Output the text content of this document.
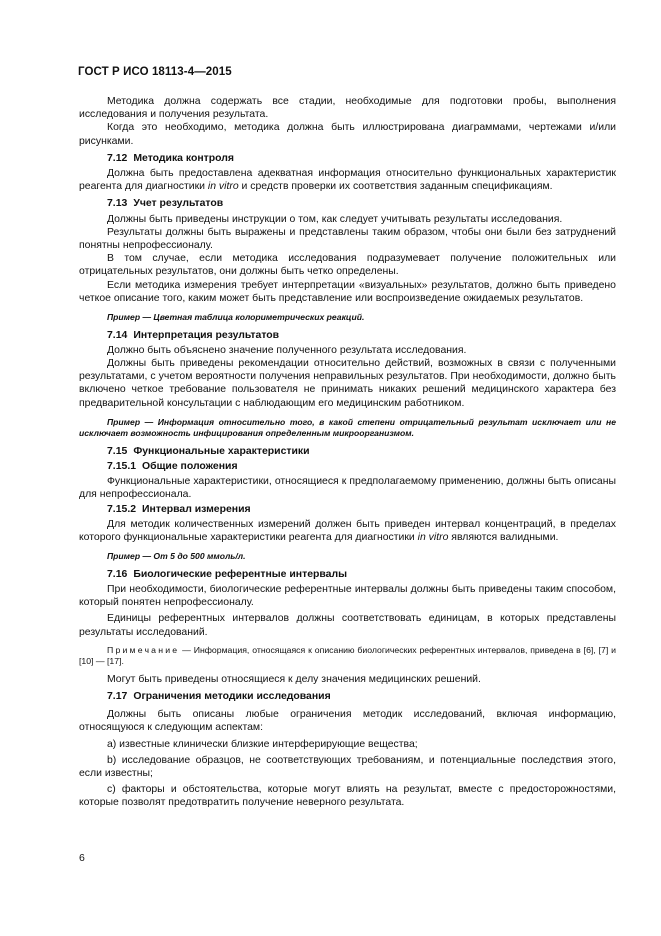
ГОСТ Р ИСО 18113-4—2015

Методика должна содержать все стадии, необходимые для подготовки пробы, выполнения исследования и получения результата.

Когда это необходимо, методика должна быть иллюстрирована диаграммами, чертежами и/или рисунками.

7.12 Методика контроля

Должна быть предоставлена адекватная информация относительно функциональных характеристик реагента для диагностики in vitro и средств проверки их соответствия заданным спецификациям.

7.13 Учет результатов

Должны быть приведены инструкции о том, как следует учитывать результаты исследования.

Результаты должны быть выражены и представлены таким образом, чтобы они были без затруднений понятны непрофессионалу.

В том случае, если методика исследования подразумевает получение положительных или отрицательных результатов, они должны быть четко определены.

Если методика измерения требует интерпретации «визуальных» результатов, должно быть приведено четкое описание того, каким может быть представление или воспроизведение ожидаемых результатов.

Пример — Цветная таблица колориметрических реакций.

7.14 Интерпретация результатов

Должно быть объяснено значение полученного результата исследования.

Должны быть приведены рекомендации относительно действий, возможных в связи с полученными результатами, с учетом вероятности получения неправильных результатов. При необходимости, должно быть включено четкое требование пользователя не принимать никаких решений медицинского характера без предварительной консультации с наблюдающим его медицинским работником.

Пример — Информация относительно того, в какой степени отрицательный результат исключает или не исключает возможность инфицирования определенным микроорганизмом.

7.15 Функциональные характеристики
7.15.1 Общие положения

Функциональные характеристики, относящиеся к предполагаемому применению, должны быть описаны для непрофессионала.

7.15.2 Интервал измерения

Для методик количественных измерений должен быть приведен интервал концентраций, в пределах которого функциональные характеристики реагента для диагностики in vitro являются валидными.

Пример — От 5 до 500 ммоль/л.

7.16 Биологические референтные интервалы

При необходимости, биологические референтные интервалы должны быть приведены таким способом, который понятен непрофессионалу.

Единицы референтных интервалов должны соответствовать единицам, в которых представлены результаты исследований.

Примечание — Информация, относящаяся к описанию биологических референтных интервалов, приведена в [6], [7] и [10] — [17].

Могут быть приведены относящиеся к делу значения медицинских решений.

7.17 Ограничения методики исследования

Должны быть описаны любые ограничения методик исследований, включая информацию, относящуюся к следующим аспектам:

a) известные клинически близкие интерферирующие вещества;

b) исследование образцов, не соответствующих требованиям, и потенциальные последствия этого, если известны;

c) факторы и обстоятельства, которые могут влиять на результат, вместе с предосторожностями, которые позволят предотвратить получение неверного результата.

6
